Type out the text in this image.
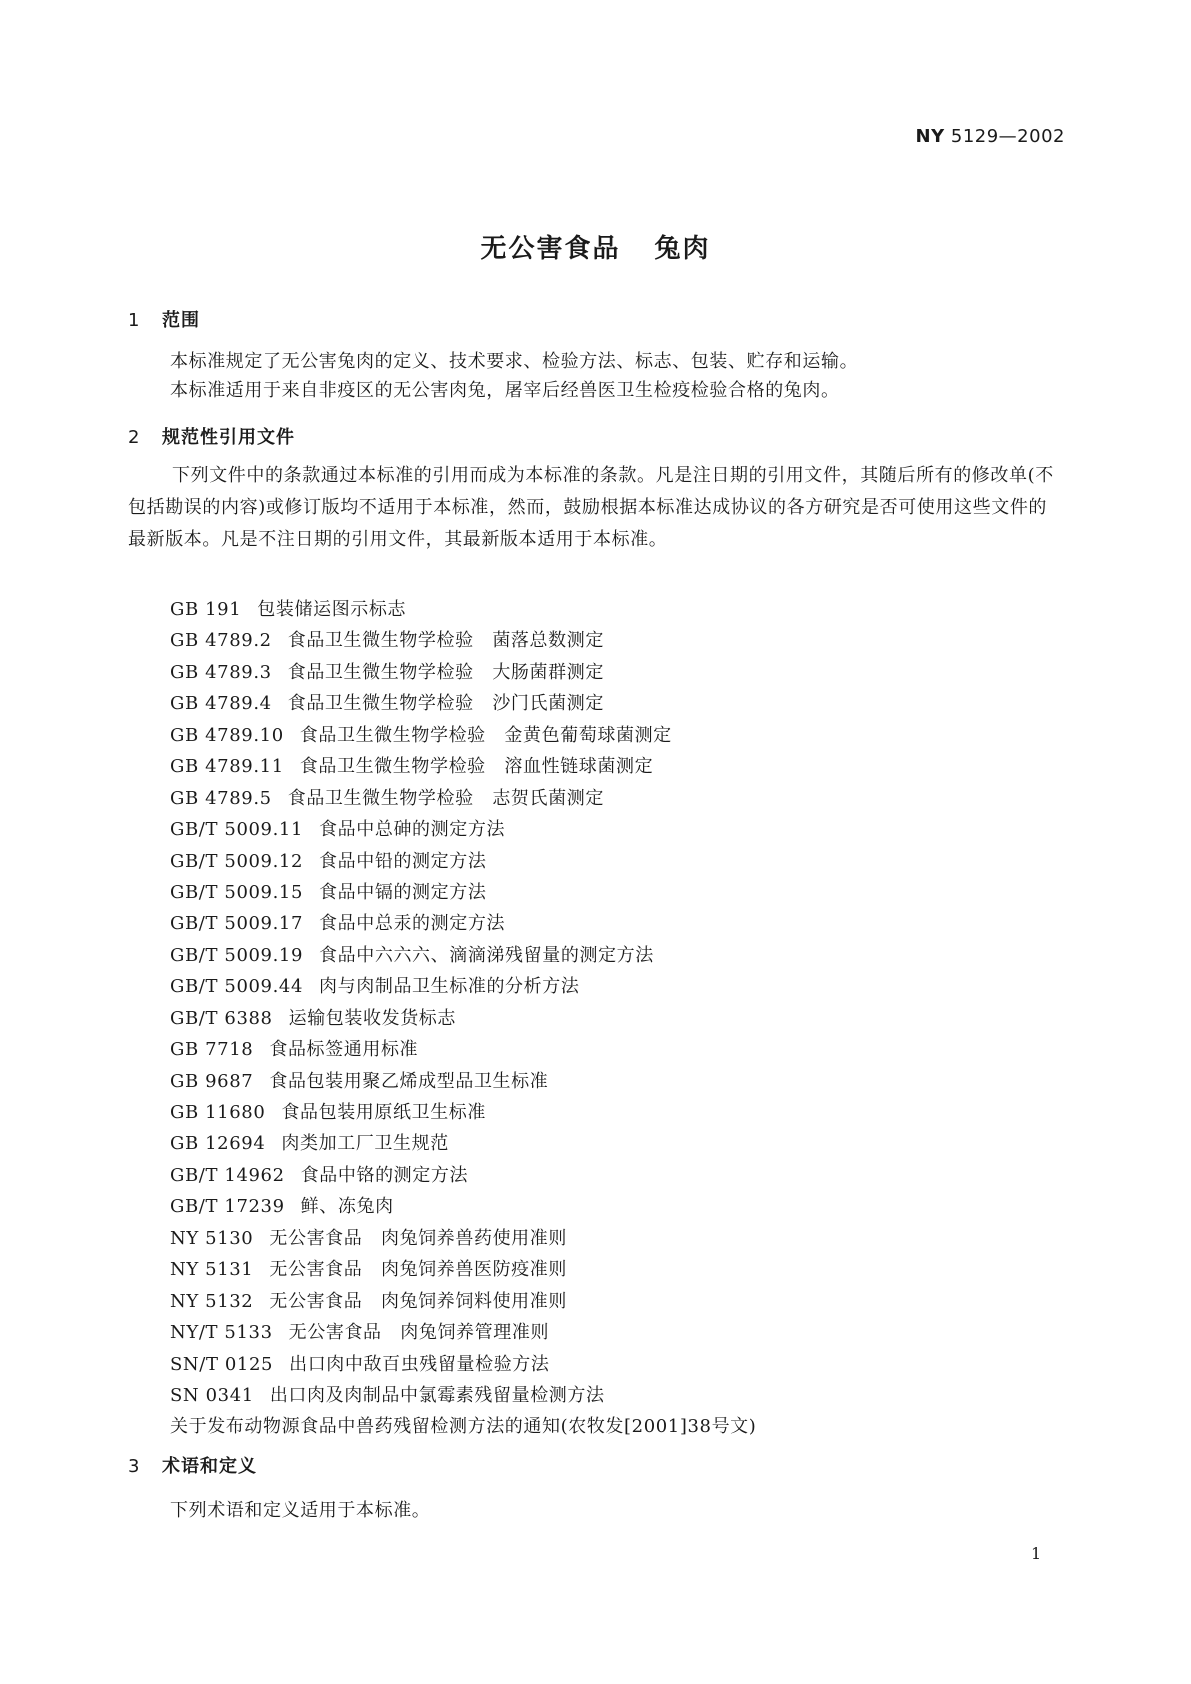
NY 5129—2002
无公害食品 兔肉
1 范围
本标准规定了无公害兔肉的定义、技术要求、检验方法、标志、包装、贮存和运输。
本标准适用于来自非疫区的无公害肉兔，屠宰后经兽医卫生检疫检验合格的兔肉。
2 规范性引用文件
下列文件中的条款通过本标准的引用而成为本标准的条款。凡是注日期的引用文件，其随后所有的修改单(不包括勘误的内容)或修订版均不适用于本标准，然而，鼓励根据本标准达成协议的各方研究是否可使用这些文件的最新版本。凡是不注日期的引用文件，其最新版本适用于本标准。
GB 191 包装储运图示标志
GB 4789.2 食品卫生微生物学检验　菌落总数测定
GB 4789.3 食品卫生微生物学检验　大肠菌群测定
GB 4789.4 食品卫生微生物学检验　沙门氏菌测定
GB 4789.10 食品卫生微生物学检验　金黄色葡萄球菌测定
GB 4789.11 食品卫生微生物学检验　溶血性链球菌测定
GB 4789.5 食品卫生微生物学检验　志贺氏菌测定
GB/T 5009.11 食品中总砷的测定方法
GB/T 5009.12 食品中铅的测定方法
GB/T 5009.15 食品中镉的测定方法
GB/T 5009.17 食品中总汞的测定方法
GB/T 5009.19 食品中六六六、滴滴涕残留量的测定方法
GB/T 5009.44 肉与肉制品卫生标准的分析方法
GB/T 6388 运输包装收发货标志
GB 7718 食品标签通用标准
GB 9687 食品包装用聚乙烯成型品卫生标准
GB 11680 食品包装用原纸卫生标准
GB 12694 肉类加工厂卫生规范
GB/T 14962 食品中铬的测定方法
GB/T 17239 鲜、冻兔肉
NY 5130 无公害食品　肉兔饲养兽药使用准则
NY 5131 无公害食品　肉兔饲养兽医防疫准则
NY 5132 无公害食品　肉兔饲养饲料使用准则
NY/T 5133 无公害食品　肉兔饲养管理准则
SN/T 0125 出口肉中敌百虫残留量检验方法
SN 0341 出口肉及肉制品中氯霉素残留量检测方法
关于发布动物源食品中兽药残留检测方法的通知(农牧发[2001]38号文)
3 术语和定义
下列术语和定义适用于本标准。
1
